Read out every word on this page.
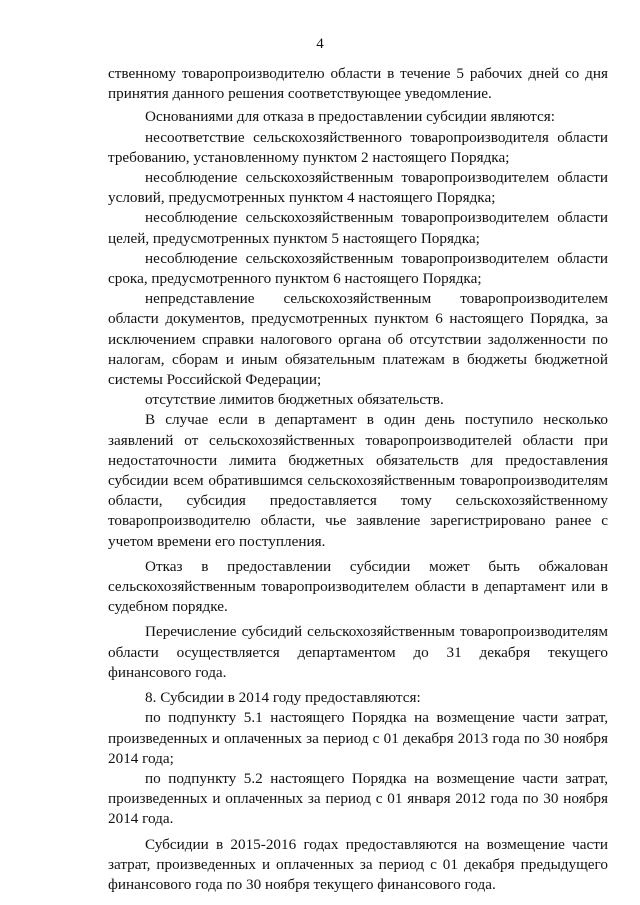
4

ственному товаропроизводителю области в течение 5 рабочих дней со дня принятия данного решения соответствующее уведомление.

Основаниями для отказа в предоставлении субсидии являются:

несоответствие сельскохозяйственного товаропроизводителя области требованию, установленному пунктом 2 настоящего Порядка;

несоблюдение сельскохозяйственным товаропроизводителем области условий, предусмотренных пунктом 4 настоящего Порядка;

несоблюдение сельскохозяйственным товаропроизводителем области целей, предусмотренных пунктом 5 настоящего Порядка;

несоблюдение сельскохозяйственным товаропроизводителем области срока, предусмотренного пунктом 6 настоящего Порядка;

непредставление сельскохозяйственным товаропроизводителем области документов, предусмотренных пунктом 6 настоящего Порядка, за исключением справки налогового органа об отсутствии задолженности по налогам, сборам и иным обязательным платежам в бюджеты бюджетной системы Российской Федерации;

отсутствие лимитов бюджетных обязательств.

В случае если в департамент в один день поступило несколько заявлений от сельскохозяйственных товаропроизводителей области при недостаточности лимита бюджетных обязательств для предоставления субсидии всем обратившимся сельскохозяйственным товаропроизводителям области, субсидия предоставляется тому сельскохозяйственному товаропроизводителю области, чье заявление зарегистрировано ранее с учетом времени его поступления.

Отказ в предоставлении субсидии может быть обжалован сельскохозяйственным товаропроизводителем области в департамент или в судебном порядке.

Перечисление субсидий сельскохозяйственным товаропроизводителям области осуществляется департаментом до 31 декабря текущего финансового года.

8. Субсидии в 2014 году предоставляются:

по подпункту 5.1 настоящего Порядка на возмещение части затрат, произведенных и оплаченных за период с 01 декабря 2013 года по 30 ноября 2014 года;

по подпункту 5.2 настоящего Порядка на возмещение части затрат, произведенных и оплаченных за период с 01 января 2012 года по 30 ноября 2014 года.

Субсидии в 2015-2016 годах предоставляются на возмещение части затрат, произведенных и оплаченных за период с 01 декабря предыдущего финансового года по 30 ноября текущего финансового года.
